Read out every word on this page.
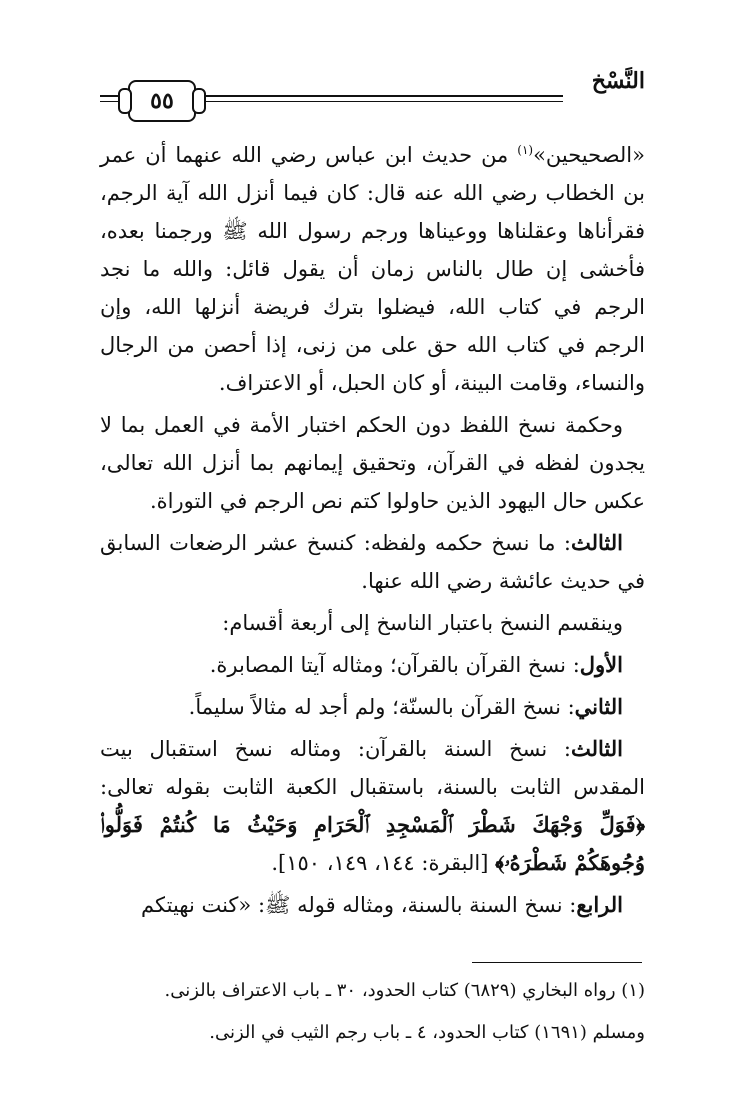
النَّسْخ
٥٥

«الصحيحين»$^{(١)}$ من حديث ابن عباس رضي الله عنهما أن عمر بن الخطاب رضي الله عنه قال: كان فيما أنزل الله آية الرجم، فقرأناها وعقلناها ووعيناها ورجم رسول الله ﷺ ورجمنا بعده، فأخشى إن طال بالناس زمان أن يقول قائل: والله ما نجد الرجم في كتاب الله، فيضلوا بترك فريضة أنزلها الله، وإن الرجم في كتاب الله حق على من زنى، إذا أحصن من الرجال والنساء، وقامت البينة، أو كان الحبل، أو الاعتراف.

وحكمة نسخ اللفظ دون الحكم اختبار الأمة في العمل بما لا يجدون لفظه في القرآن، وتحقيق إيمانهم بما أنزل الله تعالى، عكس حال اليهود الذين حاولوا كتم نص الرجم في التوراة.

الثالث: ما نسخ حكمه ولفظه: كنسخ عشر الرضعات السابق في حديث عائشة رضي الله عنها.

وينقسم النسخ باعتبار الناسخ إلى أربعة أقسام:

الأول: نسخ القرآن بالقرآن؛ ومثاله آيتا المصابرة.

الثاني: نسخ القرآن بالسنّة؛ ولم أجد له مثالاً سليماً.

الثالث: نسخ السنة بالقرآن: ومثاله نسخ استقبال بيت المقدس الثابت بالسنة، باستقبال الكعبة الثابت بقوله تعالى: ﴿فَوَلِّ وَجْهَكَ شَطْرَ ٱلْمَسْجِدِ ٱلْحَرَامِ وَحَيْثُ مَا كُنتُمْ فَوَلُّوا۟ وُجُوهَكُمْ شَطْرَهُۥ﴾ [البقرة: ١٤٤، ١٤٩، ١٥٠].

الرابع: نسخ السنة بالسنة، ومثاله قوله ﷺ: «كنت نهيتكم

(١) رواه البخاري (٦٨٢٩) كتاب الحدود، ٣٠ ـ باب الاعتراف بالزنى.

ومسلم (١٦٩١) كتاب الحدود، ٤ ـ باب رجم الثيب في الزنى.
